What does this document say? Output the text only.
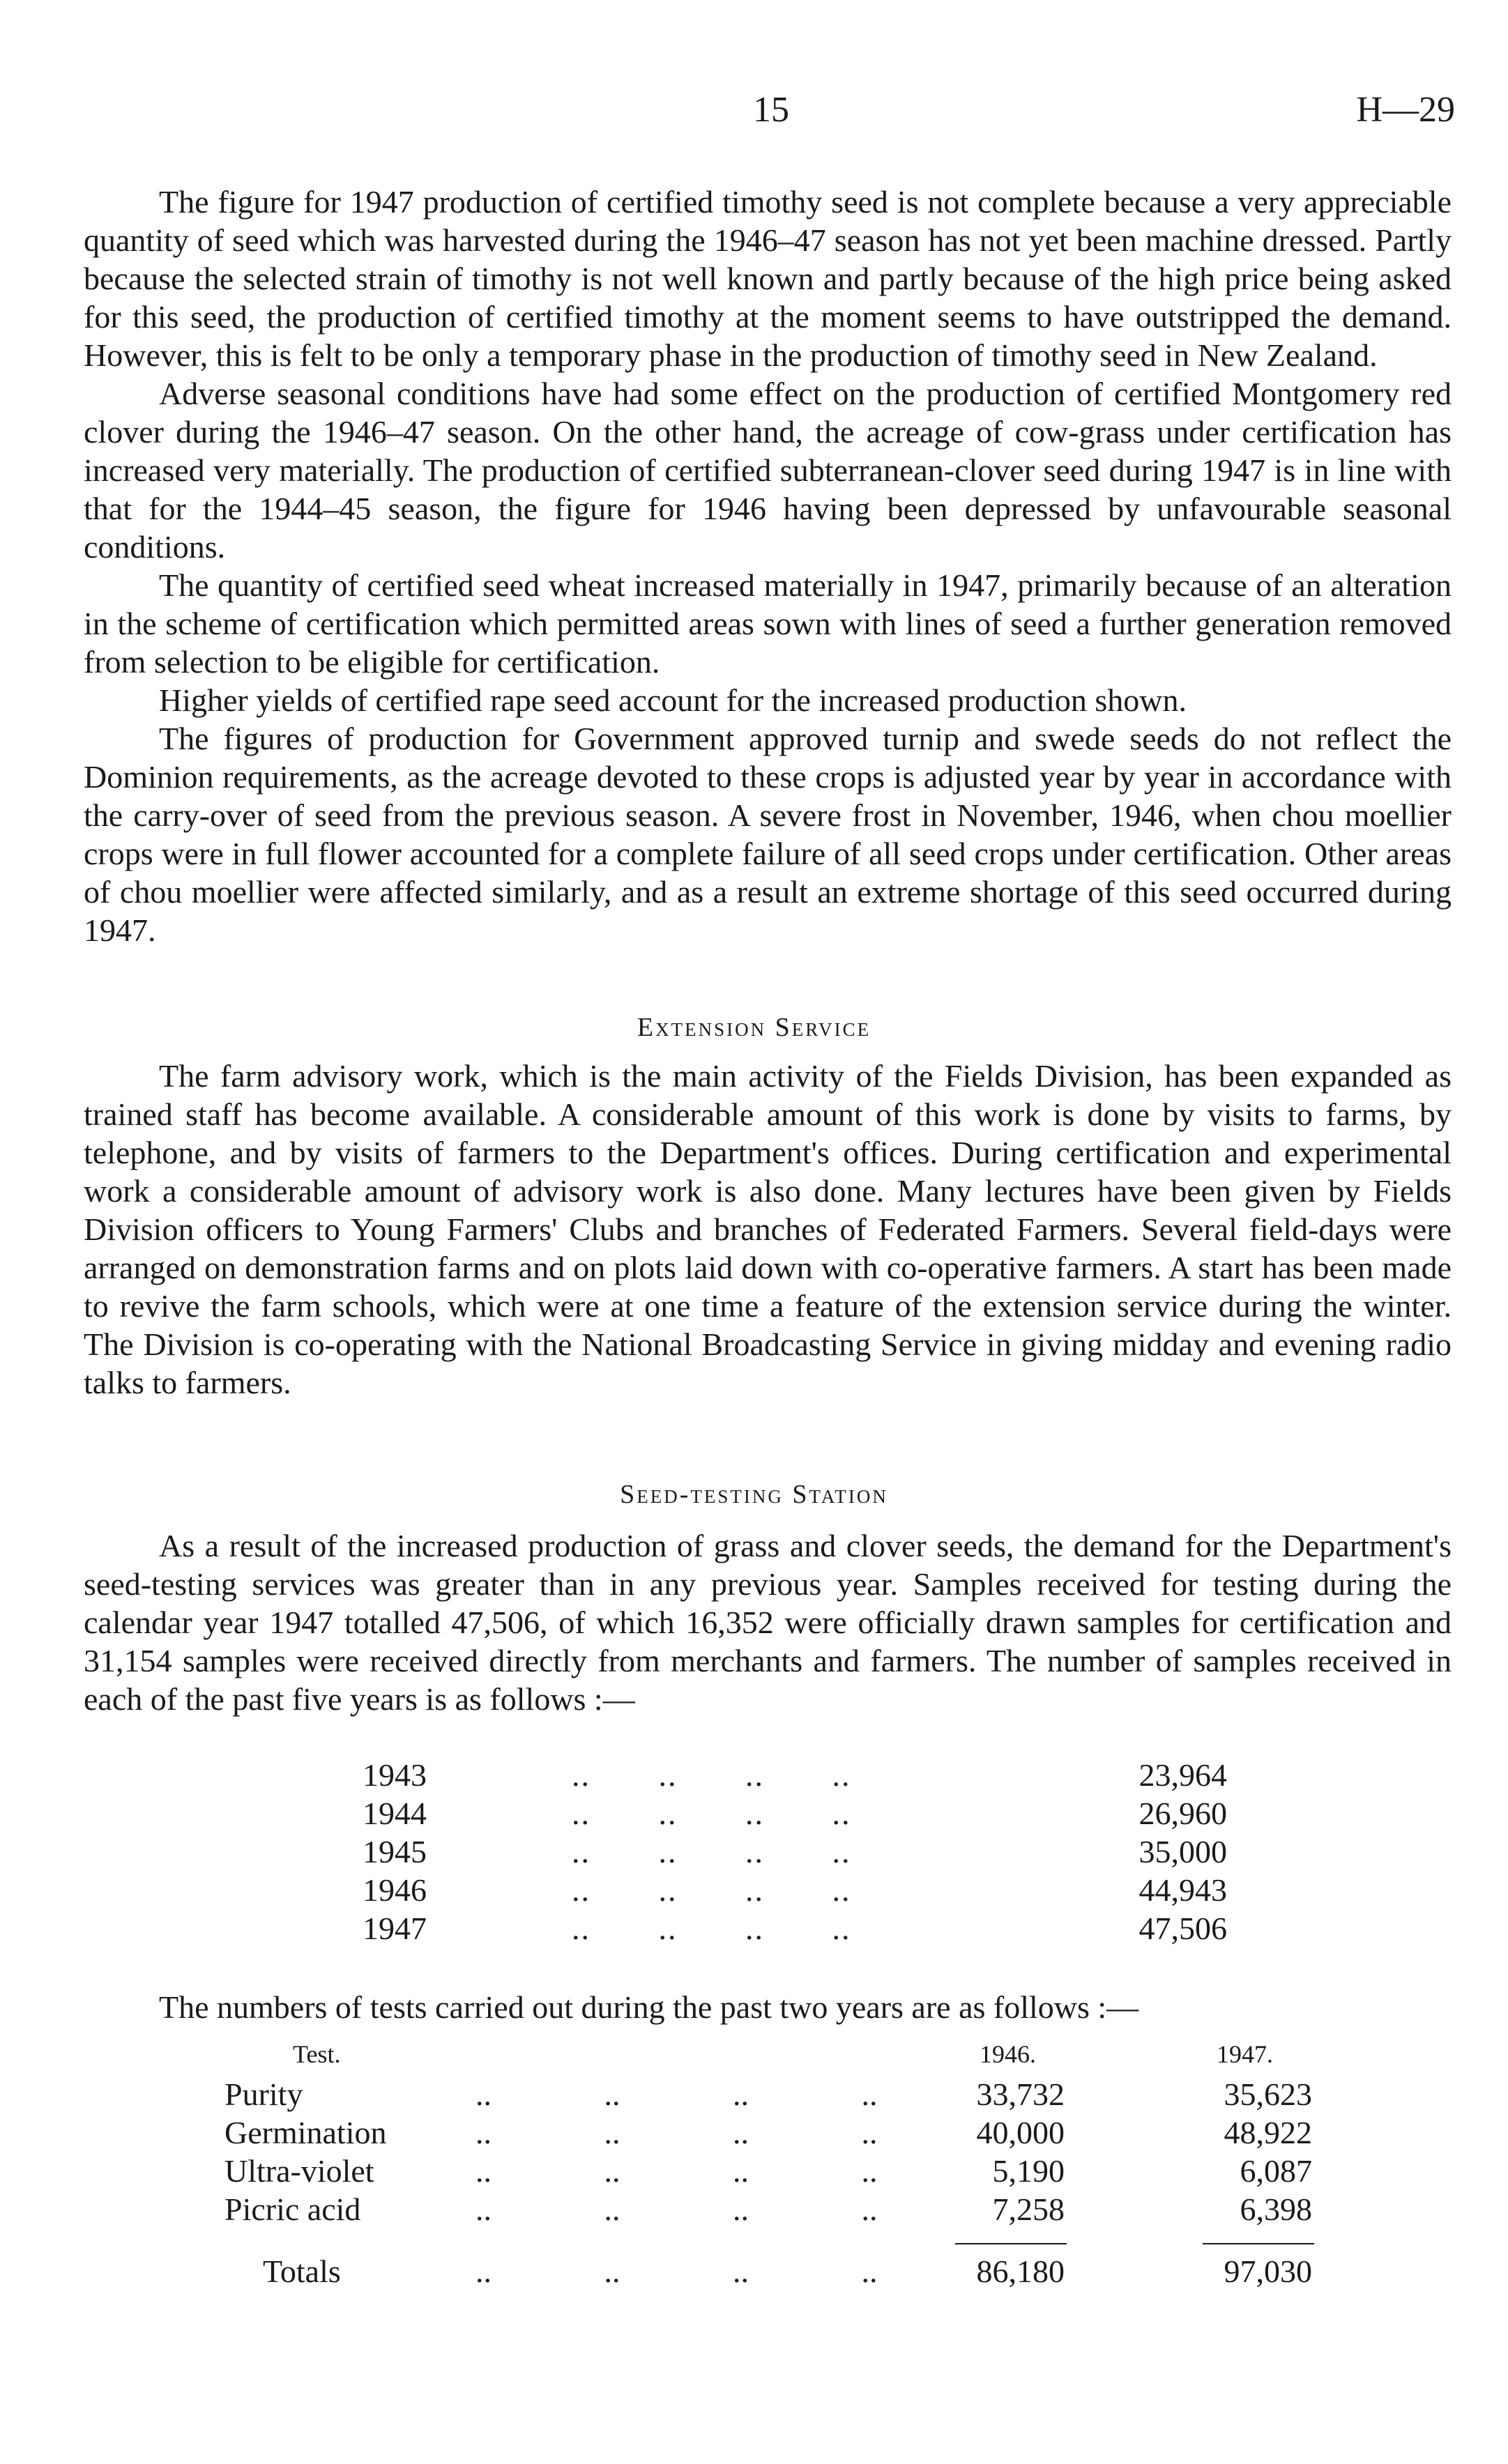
15	H—29

The figure for 1947 production of certified timothy seed is not complete because a very appreciable quantity of seed which was harvested during the 1946–47 season has not yet been machine dressed. Partly because the selected strain of timothy is not well known and partly because of the high price being asked for this seed, the production of certified timothy at the moment seems to have outstripped the demand. However, this is felt to be only a temporary phase in the production of timothy seed in New Zealand.

Adverse seasonal conditions have had some effect on the production of certified Montgomery red clover during the 1946–47 season. On the other hand, the acreage of cow-grass under certification has increased very materially. The production of certified subterranean-clover seed during 1947 is in line with that for the 1944–45 season, the figure for 1946 having been depressed by unfavourable seasonal conditions.

The quantity of certified seed wheat increased materially in 1947, primarily because of an alteration in the scheme of certification which permitted areas sown with lines of seed a further generation removed from selection to be eligible for certification.

Higher yields of certified rape seed account for the increased production shown.

The figures of production for Government approved turnip and swede seeds do not reflect the Dominion requirements, as the acreage devoted to these crops is adjusted year by year in accordance with the carry-over of seed from the previous season. A severe frost in November, 1946, when chou moellier crops were in full flower accounted for a complete failure of all seed crops under certification. Other areas of chou moellier were affected similarly, and as a result an extreme shortage of this seed occurred during 1947.

Extension Service

The farm advisory work, which is the main activity of the Fields Division, has been expanded as trained staff has become available. A considerable amount of this work is done by visits to farms, by telephone, and by visits of farmers to the Department's offices. During certification and experimental work a considerable amount of advisory work is also done. Many lectures have been given by Fields Division officers to Young Farmers' Clubs and branches of Federated Farmers. Several field-days were arranged on demonstration farms and on plots laid down with co-operative farmers. A start has been made to revive the farm schools, which were at one time a feature of the extension service during the winter. The Division is co-operating with the National Broadcasting Service in giving midday and evening radio talks to farmers.

Seed-testing Station

As a result of the increased production of grass and clover seeds, the demand for the Department's seed-testing services was greater than in any previous year. Samples received for testing during the calendar year 1947 totalled 47,506, of which 16,352 were officially drawn samples for certification and 31,154 samples were received directly from merchants and farmers. The number of samples received in each of the past five years is as follows :—

1943	.. .. .. ..	23,964
1944	.. .. .. ..	26,960
1945	.. .. .. ..	35,000
1946	.. .. .. ..	44,943
1947	.. .. .. ..	47,506

The numbers of tests carried out during the past two years are as follows :—

Test.	1946.	1947.
Purity	.. .. .. ..	33,732	35,623
Germination	.. .. .. ..	40,000	48,922
Ultra-violet	.. .. .. ..	5,190	6,087
Picric acid	.. .. .. ..	7,258	6,398
Totals	.. .. .. ..	86,180	97,030
